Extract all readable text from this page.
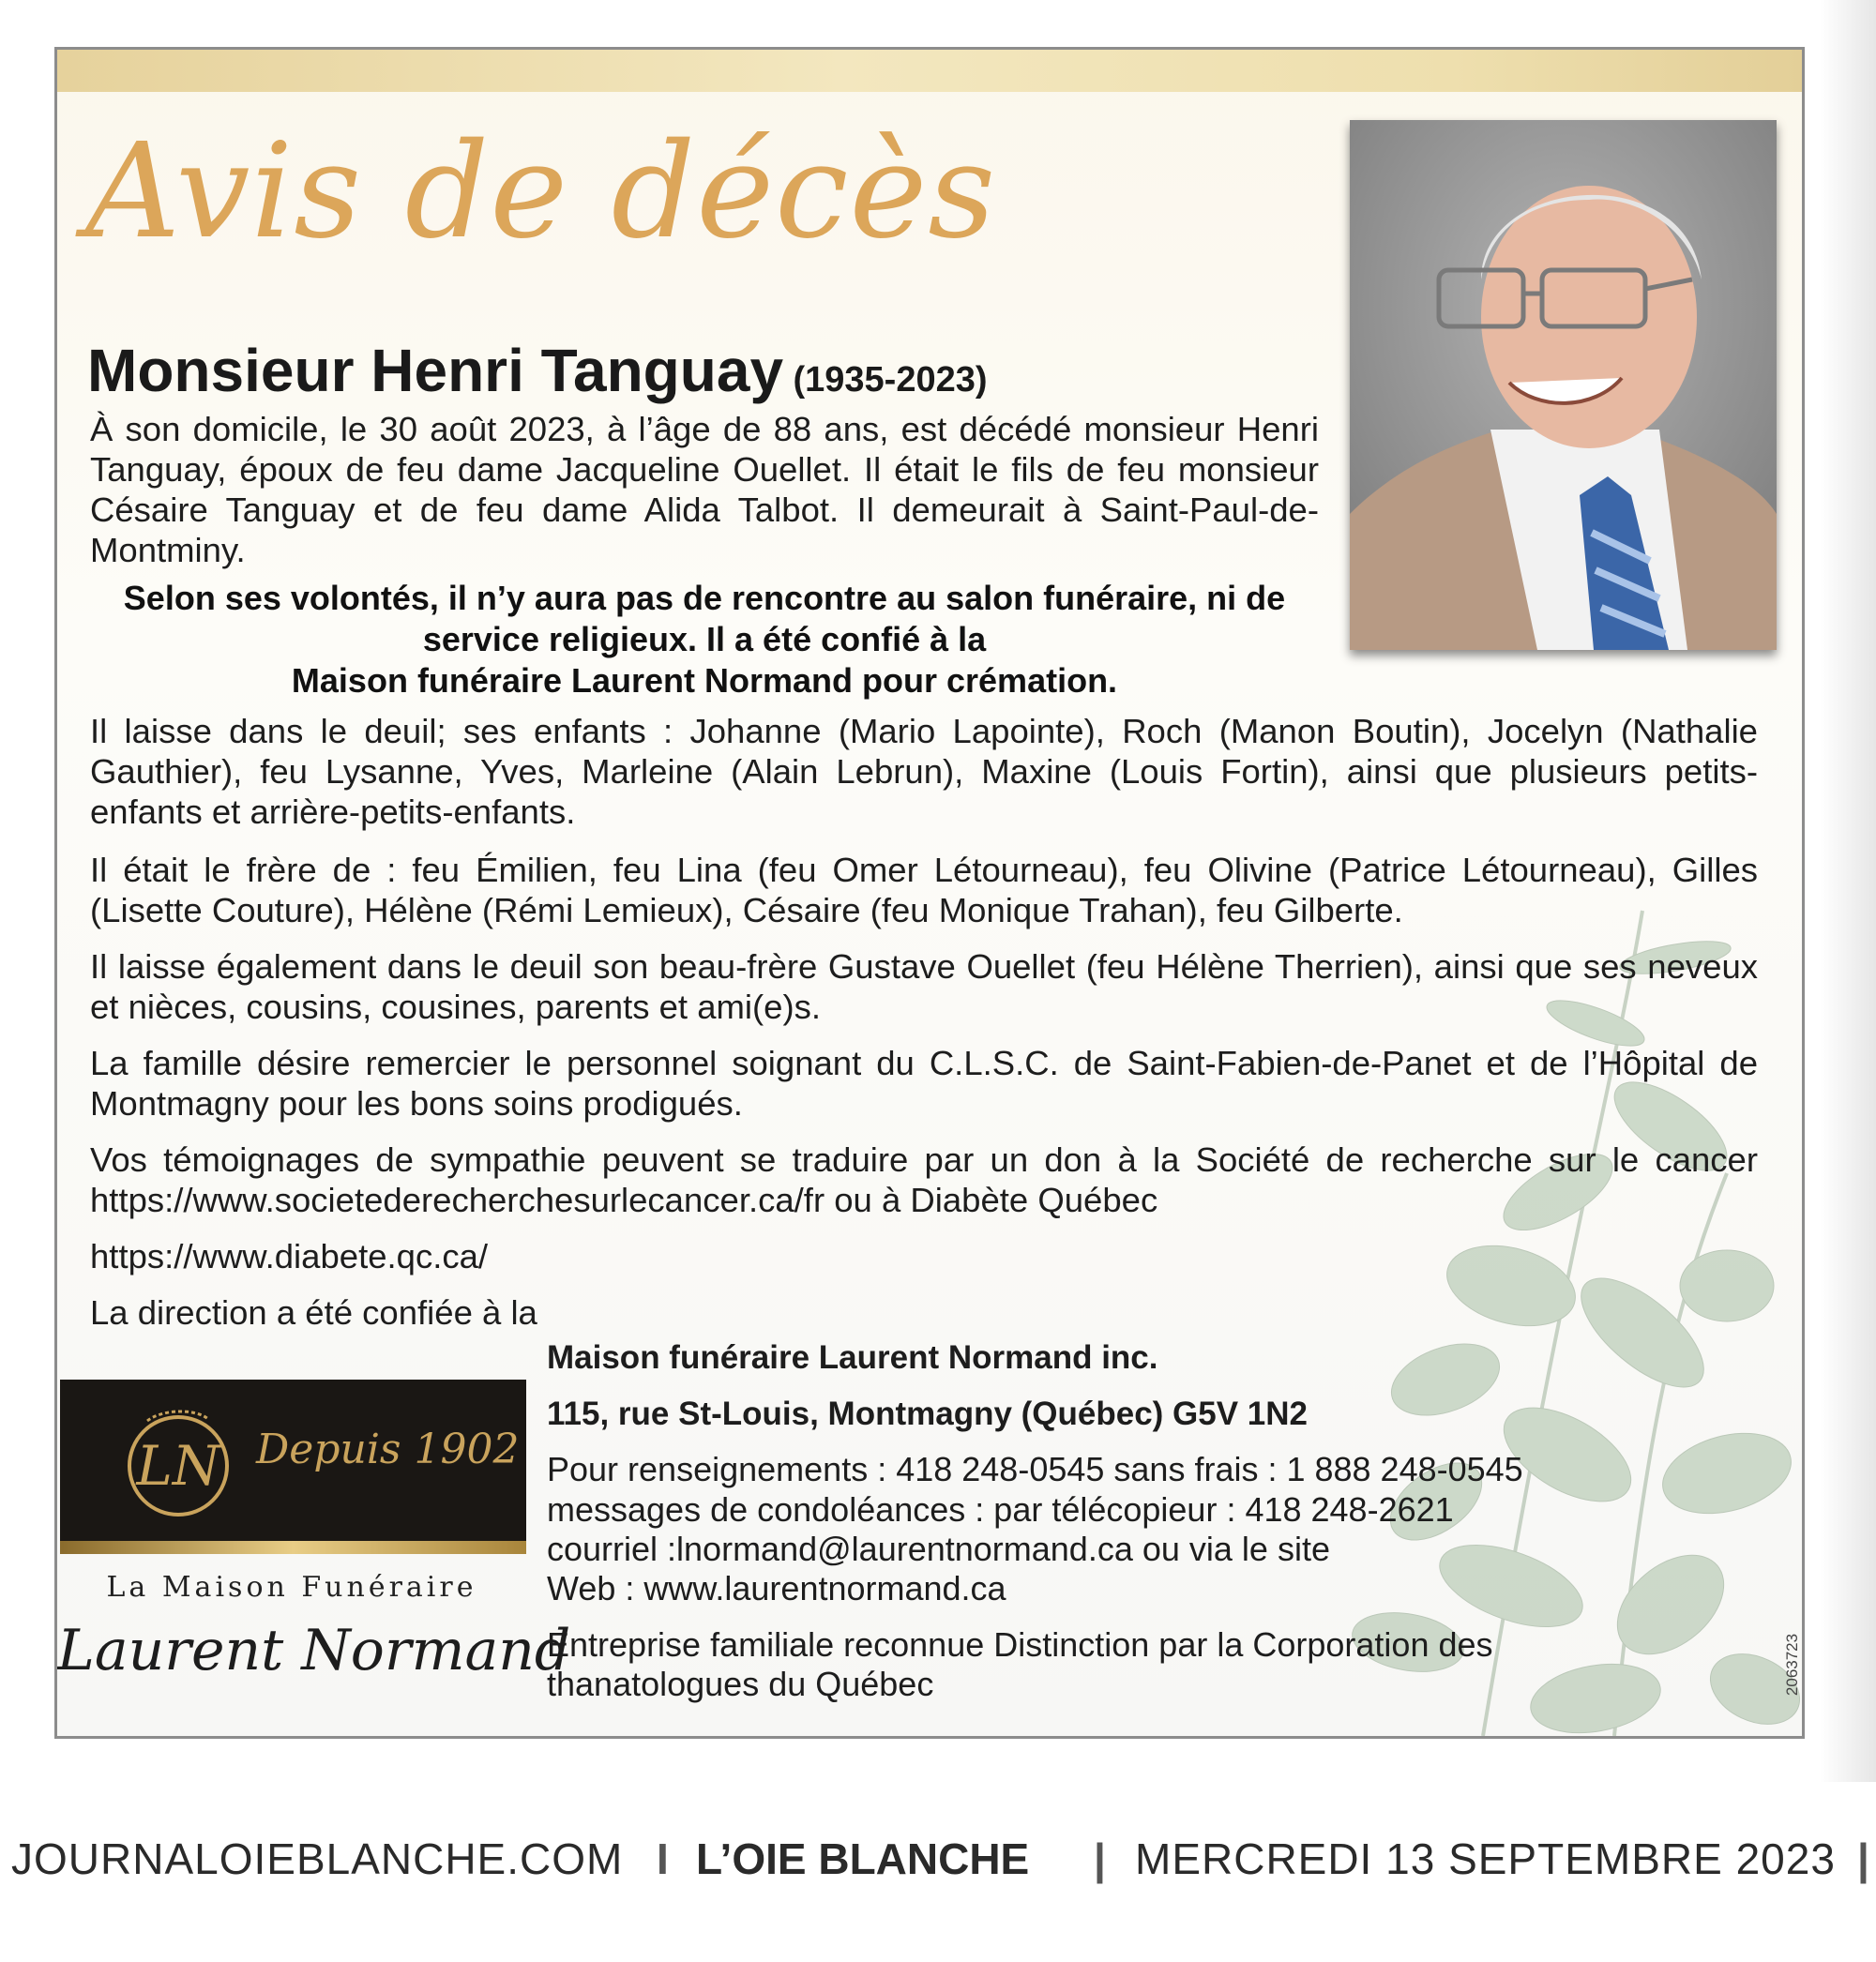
Avis de décès
Monsieur Henri Tanguay (1935-2023)

À son domicile, le 30 août 2023, à l’âge de 88 ans, est décédé monsieur Henri Tanguay, époux de feu dame Jacqueline Ouellet. Il était le fils de feu monsieur Césaire Tanguay et de feu dame Alida Talbot. Il demeurait à Saint-Paul-de-Montminy.

Selon ses volontés, il n’y aura pas de rencontre au salon funéraire, ni de
service religieux. Il a été confié à la
Maison funéraire Laurent Normand pour crémation.

Il laisse dans le deuil; ses enfants : Johanne (Mario Lapointe), Roch (Manon Boutin), Jocelyn (Nathalie Gauthier), feu Lysanne, Yves, Marleine (Alain Lebrun), Maxine (Louis Fortin), ainsi que plusieurs petits-enfants et arrière-petits-enfants.

Il était le frère de : feu Émilien, feu Lina (feu Omer Létourneau), feu Olivine (Patrice Létourneau), Gilles (Lisette Couture), Hélène (Rémi Lemieux), Césaire (feu Monique Trahan), feu Gilberte.

Il laisse également dans le deuil son beau-frère Gustave Ouellet (feu Hélène Therrien), ainsi que ses neveux et nièces, cousins, cousines, parents et ami(e)s.

La famille désire remercier le personnel soignant du C.L.S.C. de Saint-Fabien-de-Panet et de l’Hôpital de Montmagny pour les bons soins prodigués.

Vos témoignages de sympathie peuvent se traduire par un don à la Société de recherche sur le cancer https://www.societederecherchesurlecancer.ca/fr ou à Diabète Québec

https://www.diabete.qc.ca/

La direction a été confiée à la

LN Depuis 1902
La Maison Funéraire
Laurent Normand

Maison funéraire Laurent Normand inc.

115, rue St-Louis, Montmagny (Québec) G5V 1N2

Pour renseignements : 418 248-0545 sans frais : 1 888 248-0545

messages de condoléances : par télécopieur : 418 248-2621

courriel :lnormand@laurentnormand.ca ou via le site

Web : www.laurentnormand.ca

Entreprise familiale reconnue Distinction par la Corporation des

thanatologues du Québec	2063723
JOURNALOIEBLANCHE.COM I L’OIE BLANCHE | MERCREDI 13 SEPTEMBRE 2023 |
